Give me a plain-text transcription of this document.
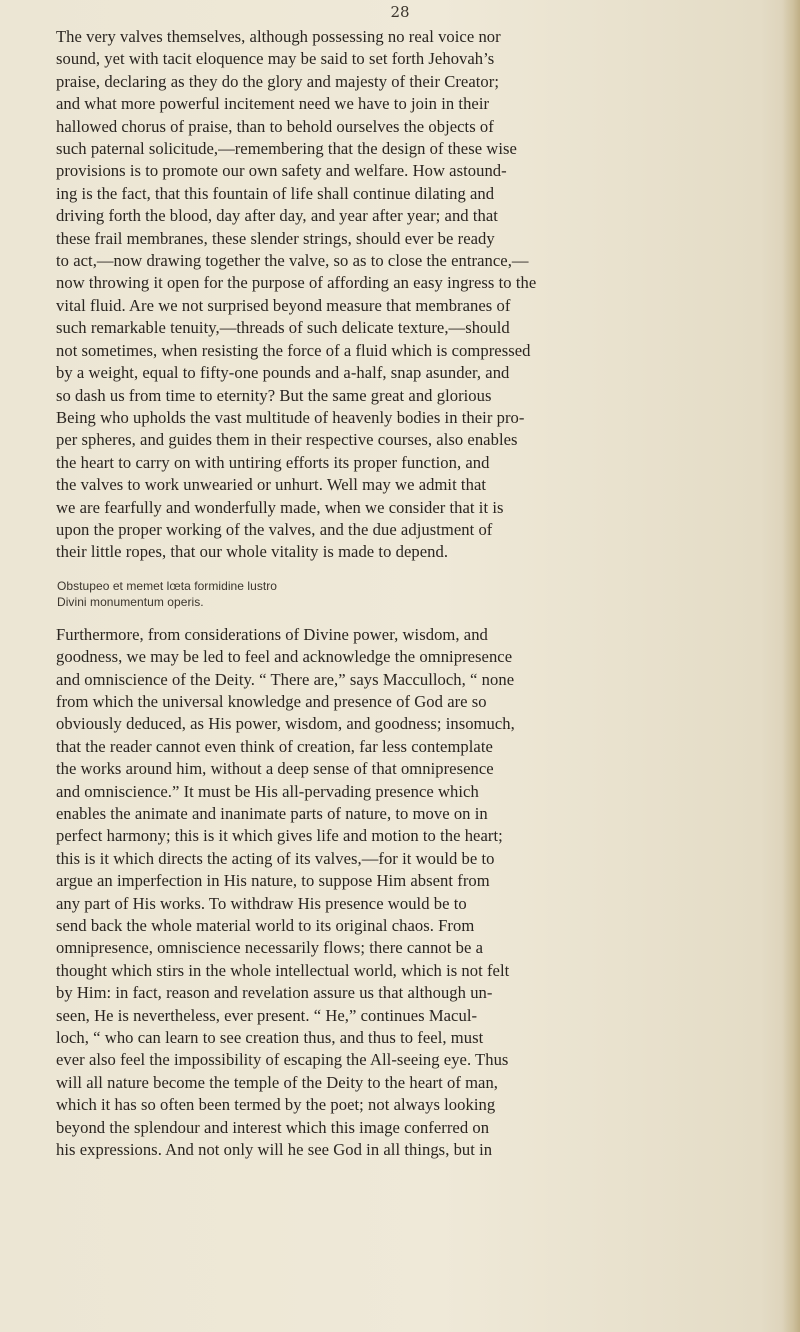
28

The very valves themselves, although possessing no real voice nor
sound, yet with tacit eloquence may be said to set forth Jehovah’s
praise, declaring as they do the glory and majesty of their Creator;
and what more powerful incitement need we have to join in their
hallowed chorus of praise, than to behold ourselves the objects of
such paternal solicitude,—remembering that the design of these wise
provisions is to promote our own safety and welfare. How astound-
ing is the fact, that this fountain of life shall continue dilating and
driving forth the blood, day after day, and year after year; and that
these frail membranes, these slender strings, should ever be ready
to act,—now drawing together the valve, so as to close the entrance,—
now throwing it open for the purpose of affording an easy ingress to the
vital fluid. Are we not surprised beyond measure that membranes of
such remarkable tenuity,—threads of such delicate texture,—should
not sometimes, when resisting the force of a fluid which is compressed
by a weight, equal to fifty-one pounds and a-half, snap asunder, and
so dash us from time to eternity? But the same great and glorious
Being who upholds the vast multitude of heavenly bodies in their pro-
per spheres, and guides them in their respective courses, also enables
the heart to carry on with untiring efforts its proper function, and
the valves to work unwearied or unhurt. Well may we admit that
we are fearfully and wonderfully made, when we consider that it is
upon the proper working of the valves, and the due adjustment of
their little ropes, that our whole vitality is made to depend.

Obstupeo et memet lœta formidine lustro
Divini monumentum operis.

Furthermore, from considerations of Divine power, wisdom, and
goodness, we may be led to feel and acknowledge the omnipresence
and omniscience of the Deity. “ There are,” says Macculloch, “ none
from which the universal knowledge and presence of God are so
obviously deduced, as His power, wisdom, and goodness; insomuch,
that the reader cannot even think of creation, far less contemplate
the works around him, without a deep sense of that omnipresence
and omniscience.” It must be His all-pervading presence which
enables the animate and inanimate parts of nature, to move on in
perfect harmony; this is it which gives life and motion to the heart;
this is it which directs the acting of its valves,—for it would be to
argue an imperfection in His nature, to suppose Him absent from
any part of His works. To withdraw His presence would be to
send back the whole material world to its original chaos. From
omnipresence, omniscience necessarily flows; there cannot be a
thought which stirs in the whole intellectual world, which is not felt
by Him: in fact, reason and revelation assure us that although un-
seen, He is nevertheless, ever present. “ He,” continues Macul-
loch, “ who can learn to see creation thus, and thus to feel, must
ever also feel the impossibility of escaping the All-seeing eye. Thus
will all nature become the temple of the Deity to the heart of man,
which it has so often been termed by the poet; not always looking
beyond the splendour and interest which this image conferred on
his expressions. And not only will he see God in all things, but in
